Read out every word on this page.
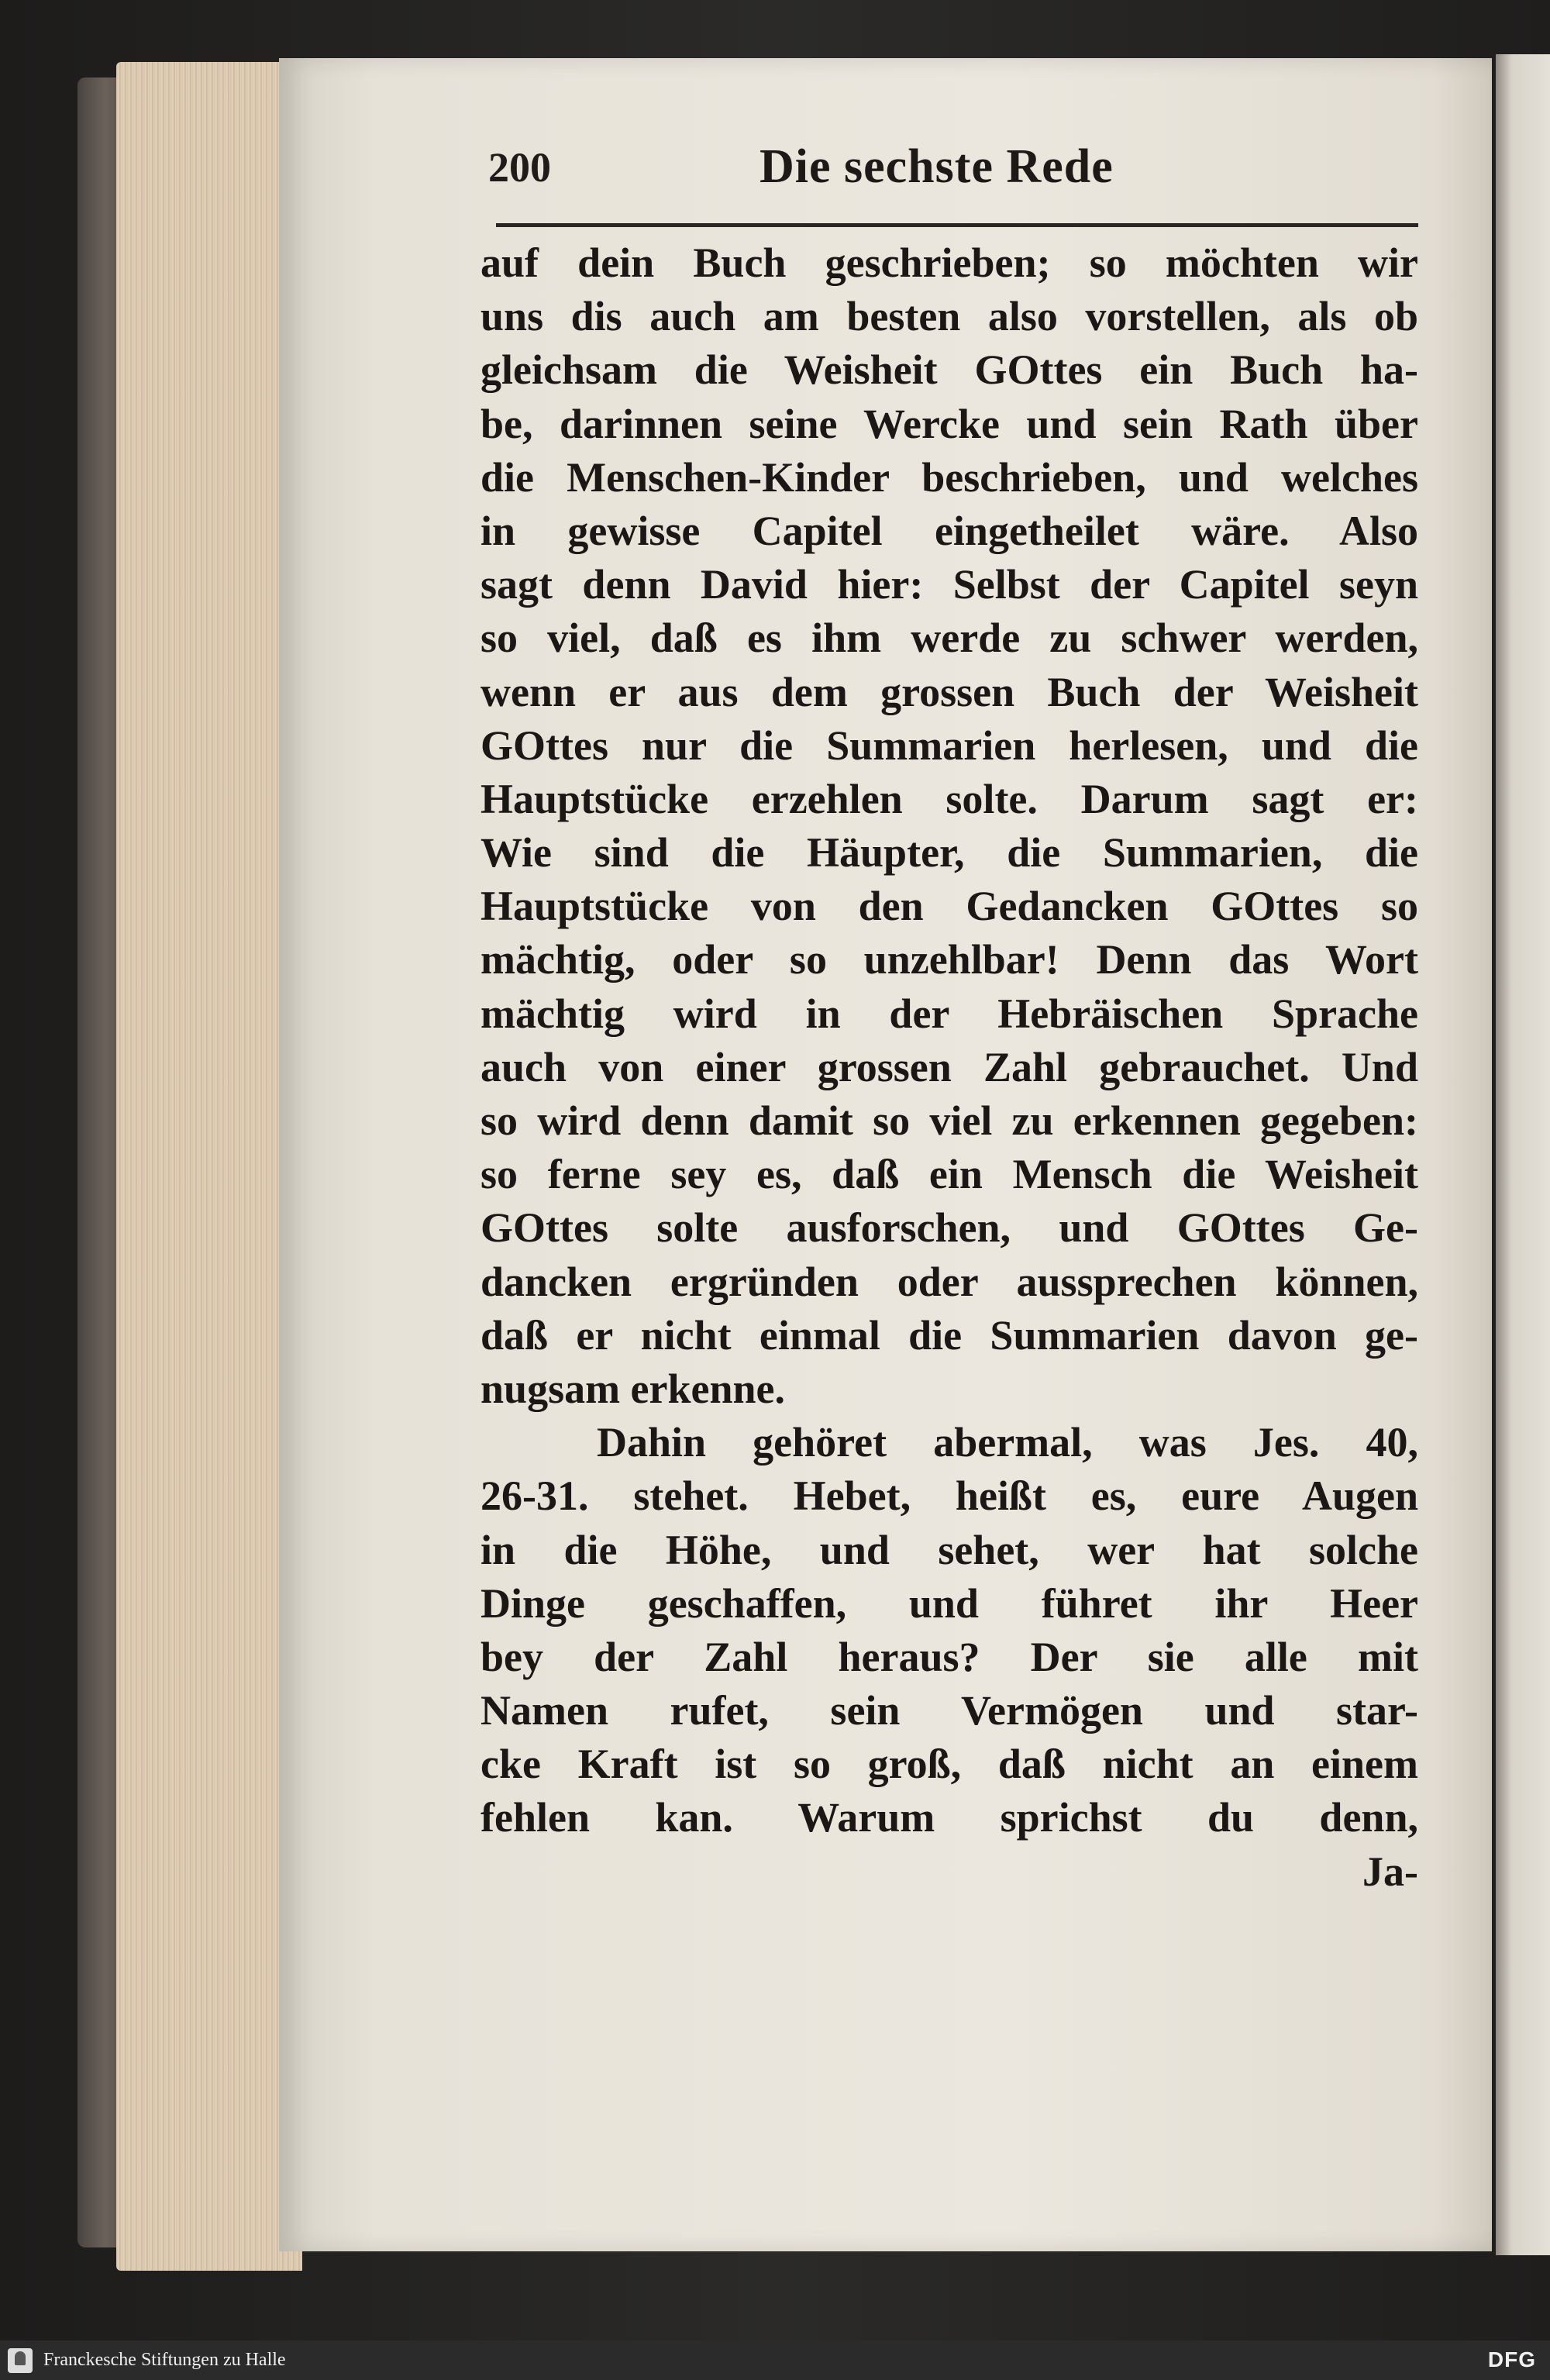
200	Die sechste Rede
auf dein Buch geschrieben; so möchten wir
uns dis auch am besten also vorstellen, als ob
gleichsam die Weisheit GOttes ein Buch ha-
be, darinnen seine Wercke und sein Rath über
die Menschen-Kinder beschrieben, und welches
in gewisse Capitel eingetheilet wäre. Also
sagt denn David hier: Selbst der Capitel seyn
so viel, daß es ihm werde zu schwer werden,
wenn er aus dem grossen Buch der Weisheit
GOttes nur die Summarien herlesen, und die
Hauptstücke erzehlen solte. Darum sagt er:
Wie sind die Häupter, die Summarien, die
Hauptstücke von den Gedancken GOttes so
mächtig, oder so unzehlbar! Denn das Wort
mächtig wird in der Hebräischen Sprache
auch von einer grossen Zahl gebrauchet. Und
so wird denn damit so viel zu erkennen gegeben:
so ferne sey es, daß ein Mensch die Weisheit
GOttes solte ausforschen, und GOttes Ge-
dancken ergründen oder aussprechen können,
daß er nicht einmal die Summarien davon ge-
nugsam erkenne.
Dahin gehöret abermal, was Jes. 40,
26-31. stehet. Hebet, heißt es, eure Augen
in die Höhe, und sehet, wer hat solche
Dinge geschaffen, und führet ihr Heer
bey der Zahl heraus? Der sie alle mit
Namen rufet, sein Vermögen und star-
cke Kraft ist so groß, daß nicht an einem
fehlen kan. Warum sprichst du denn,
Ja-
Franckesche Stiftungen zu Halle	DFG
